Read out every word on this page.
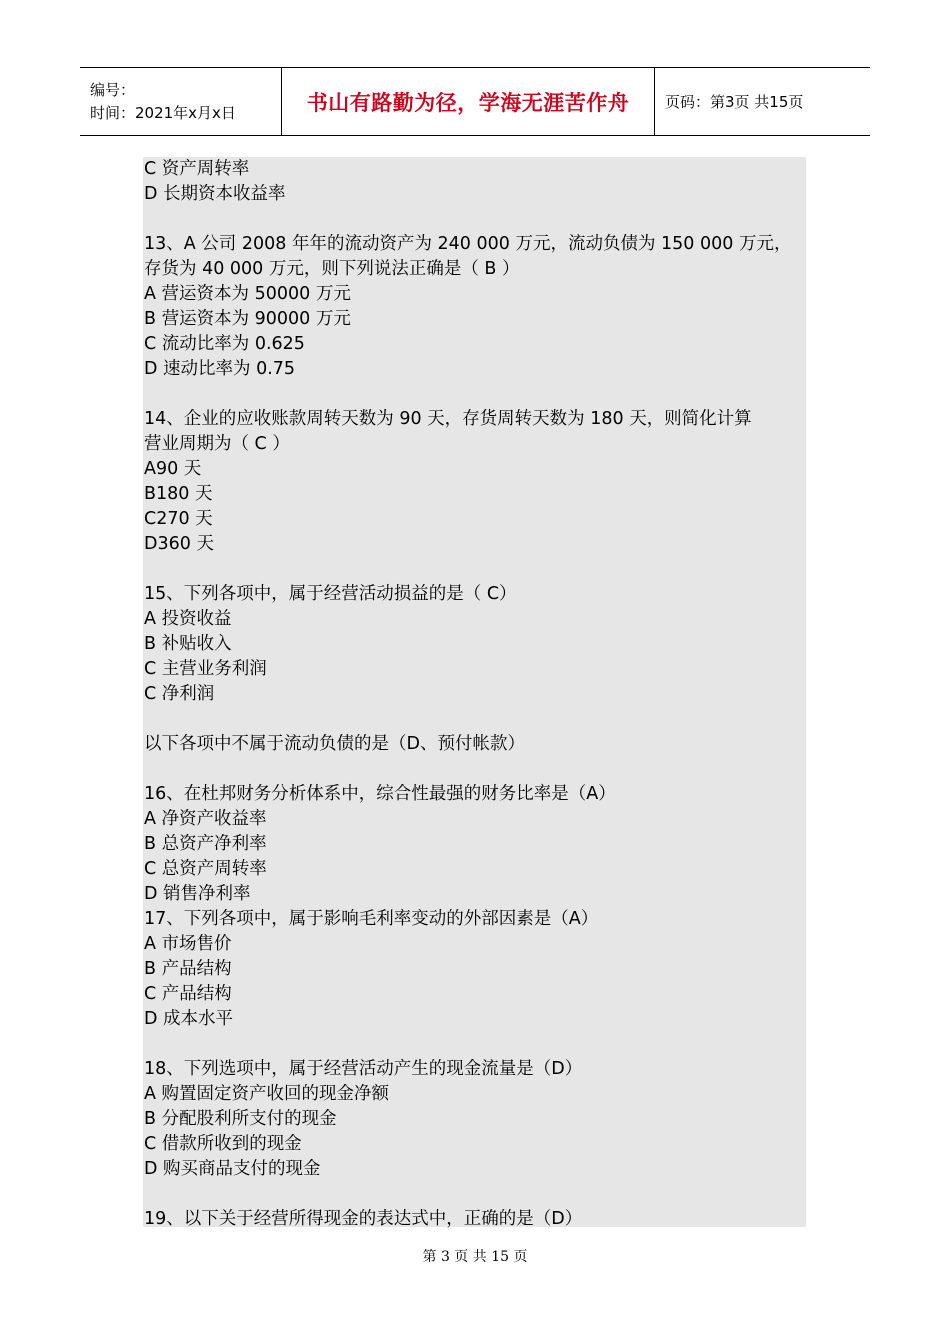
编号：
时间：2021年x月x日	书山有路勤为径，学海无涯苦作舟 页码：第3页 共15页
C 资产周转率
D 长期资本收益率
13、A 公司 2008 年年的流动资产为 240 000 万元，流动负债为 150 000 万元，
存货为 40 000 万元，则下列说法正确是（ B ）
A 营运资本为 50000 万元
B 营运资本为 90000 万元
C 流动比率为 0.625
D 速动比率为 0.75
14、企业的应收账款周转天数为 90 天，存货周转天数为 180 天，则简化计算
营业周期为（ C ）
A90 天
B180 天
C270 天
D360 天
15、下列各项中，属于经营活动损益的是（ C）
A 投资收益
B 补贴收入
C 主营业务利润
C 净利润
以下各项中不属于流动负债的是（D、预付帐款）
16、在杜邦财务分析体系中，综合性最强的财务比率是（A）
A 净资产收益率
B 总资产净利率
C 总资产周转率
D 销售净利率
17、下列各项中，属于影响毛利率变动的外部因素是（A）
A 市场售价
B 产品结构
C 产品结构
D 成本水平
18、下列选项中，属于经营活动产生的现金流量是（D）
A 购置固定资产收回的现金净额
B 分配股利所支付的现金
C 借款所收到的现金
D 购买商品支付的现金
19、以下关于经营所得现金的表达式中，正确的是（D）
第 3 页 共 15 页
